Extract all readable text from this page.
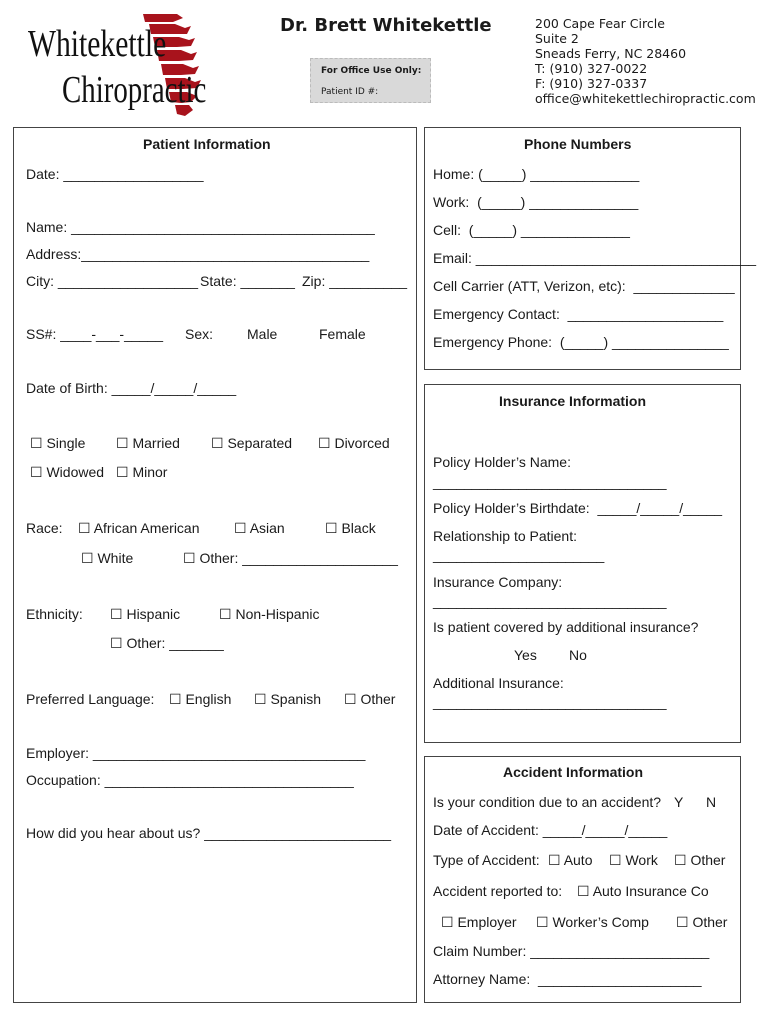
Whitekettle
Chiropractic
Dr. Brett Whitekettle
For Office Use Only:
Patient ID #:
200 Cape Fear Circle
Suite 2
Sneads Ferry, NC 28460
T: (910) 327-0022
F: (910) 327-0337
office@whitekettlechiropractic.com
Patient Information
Date: __________________
Name: _______________________________________
Address:_____________________________________
City: __________________ State: _______ Zip: __________
SS#: ____-___-_____ Sex: Male	Female
Date of Birth: _____/_____/_____
☐  Single ☐	Married ☐	Separated ☐	Divorced
☐  Widowed ☐	Minor
Race: ☐	African American ☐	Asian ☐	Black
☐  White ☐	Other: ____________________
Ethnicity: ☐	Hispanic ☐	Non-Hispanic
☐  Other: _______
Preferred Language: ☐	English ☐	Spanish ☐	Other
Employer: ___________________________________
Occupation: ________________________________
How did you hear about us? ________________________
Phone Numbers
Home: (_____) ______________
Work:  (_____) ______________
Cell:  (_____) ______________
Email: ____________________________________
Cell Carrier (ATT, Verizon, etc):  _____________
Emergency Contact:  ____________________
Emergency Phone:  (_____) _______________
Insurance Information
Policy Holder’s Name:
______________________________
Policy Holder’s Birthdate:  _____/_____/_____
Relationship to Patient:
______________________
Insurance Company:
______________________________
Is patient covered by additional insurance?
Yes No
Additional Insurance:
______________________________
Accident Information
Is your condition due to an accident? Y N
Date of Accident: _____/_____/_____
Type of Accident: ☐	Auto ☐	Work ☐	Other
Accident reported to: ☐	Auto Insurance Co
☐  Employer ☐	Worker’s Comp ☐	Other
Claim Number: _______________________
Attorney Name:  _____________________
